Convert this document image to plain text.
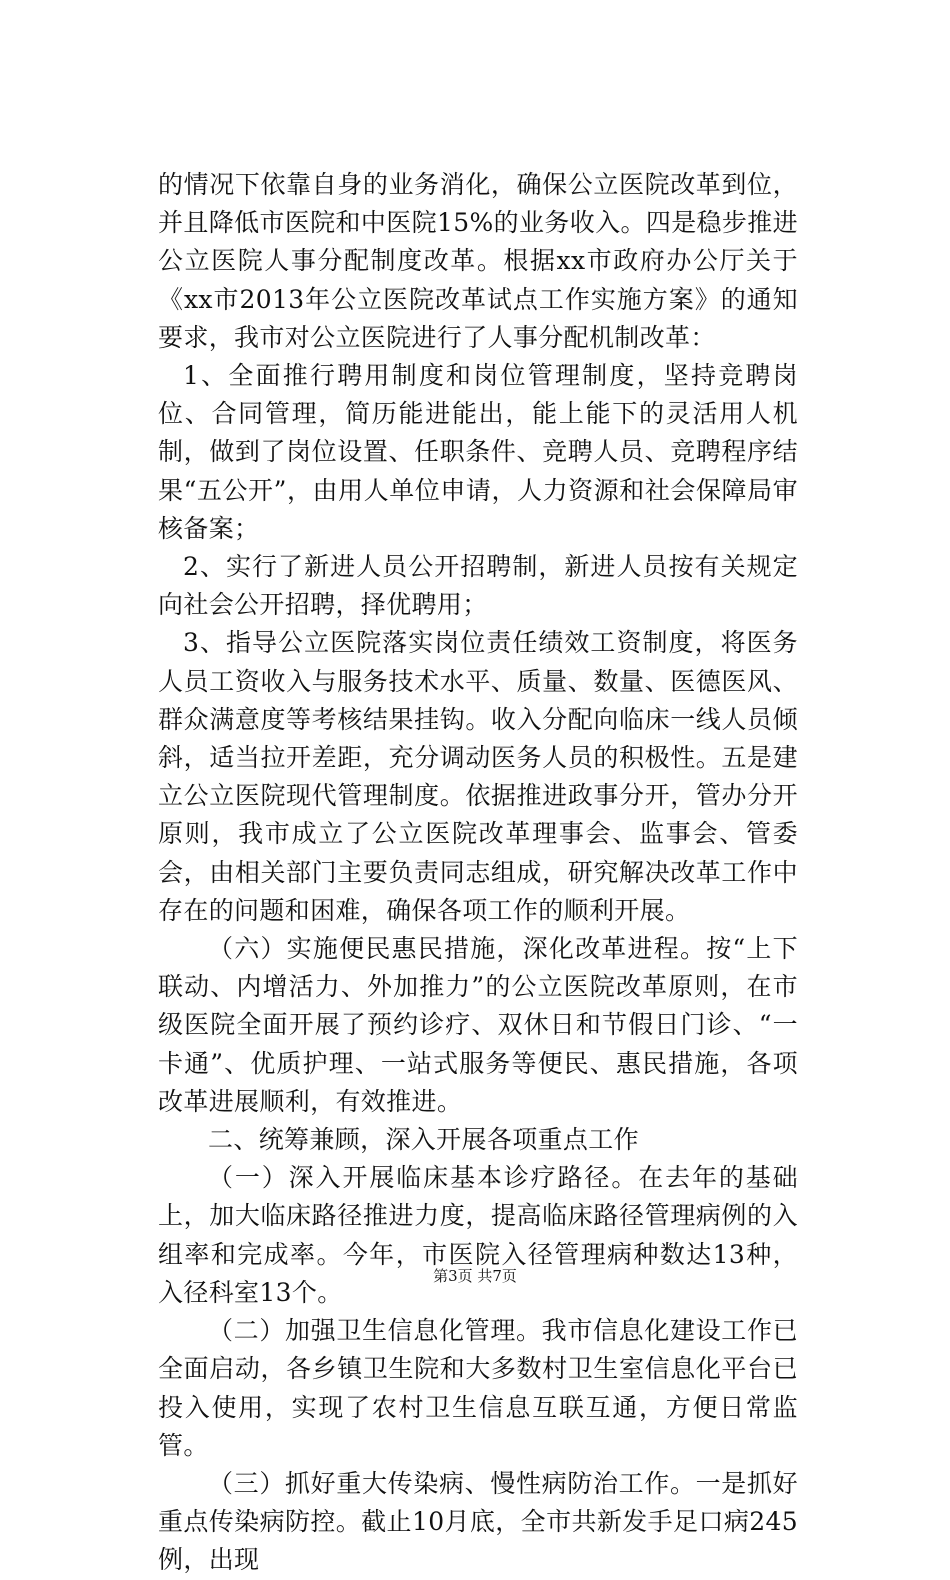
的情况下依靠自身的业务消化，确保公立医院改革到位，并且降低市医院和中医院15%的业务收入。四是稳步推进公立医院人事分配制度改革。根据xx市政府办公厅关于《xx市2013年公立医院改革试点工作实施方案》的通知要求，我市对公立医院进行了人事分配机制改革：

1、全面推行聘用制度和岗位管理制度，坚持竞聘岗位、合同管理，简历能进能出，能上能下的灵活用人机制，做到了岗位设置、任职条件、竞聘人员、竞聘程序结果“五公开”，由用人单位申请，人力资源和社会保障局审核备案；

2、实行了新进人员公开招聘制，新进人员按有关规定向社会公开招聘，择优聘用；

3、指导公立医院落实岗位责任绩效工资制度，将医务人员工资收入与服务技术水平、质量、数量、医德医风、群众满意度等考核结果挂钩。收入分配向临床一线人员倾斜，适当拉开差距，充分调动医务人员的积极性。五是建立公立医院现代管理制度。依据推进政事分开，管办分开原则，我市成立了公立医院改革理事会、监事会、管委会，由相关部门主要负责同志组成，研究解决改革工作中存在的问题和困难，确保各项工作的顺利开展。

（六）实施便民惠民措施，深化改革进程。按“上下联动、内增活力、外加推力”的公立医院改革原则，在市级医院全面开展了预约诊疗、双休日和节假日门诊、“一卡通”、优质护理、一站式服务等便民、惠民措施，各项改革进展顺利，有效推进。

二、统筹兼顾，深入开展各项重点工作

（一）深入开展临床基本诊疗路径。在去年的基础上，加大临床路径推进力度，提高临床路径管理病例的入组率和完成率。今年，市医院入径管理病种数达13种，入径科室13个。

（二）加强卫生信息化管理。我市信息化建设工作已全面启动，各乡镇卫生院和大多数村卫生室信息化平台已投入使用，实现了农村卫生信息互联互通，方便日常监管。

（三）抓好重大传染病、慢性病防治工作。一是抓好重点传染病防控。截止10月底，全市共新发手足口病245例，出现

第3页 共7页
